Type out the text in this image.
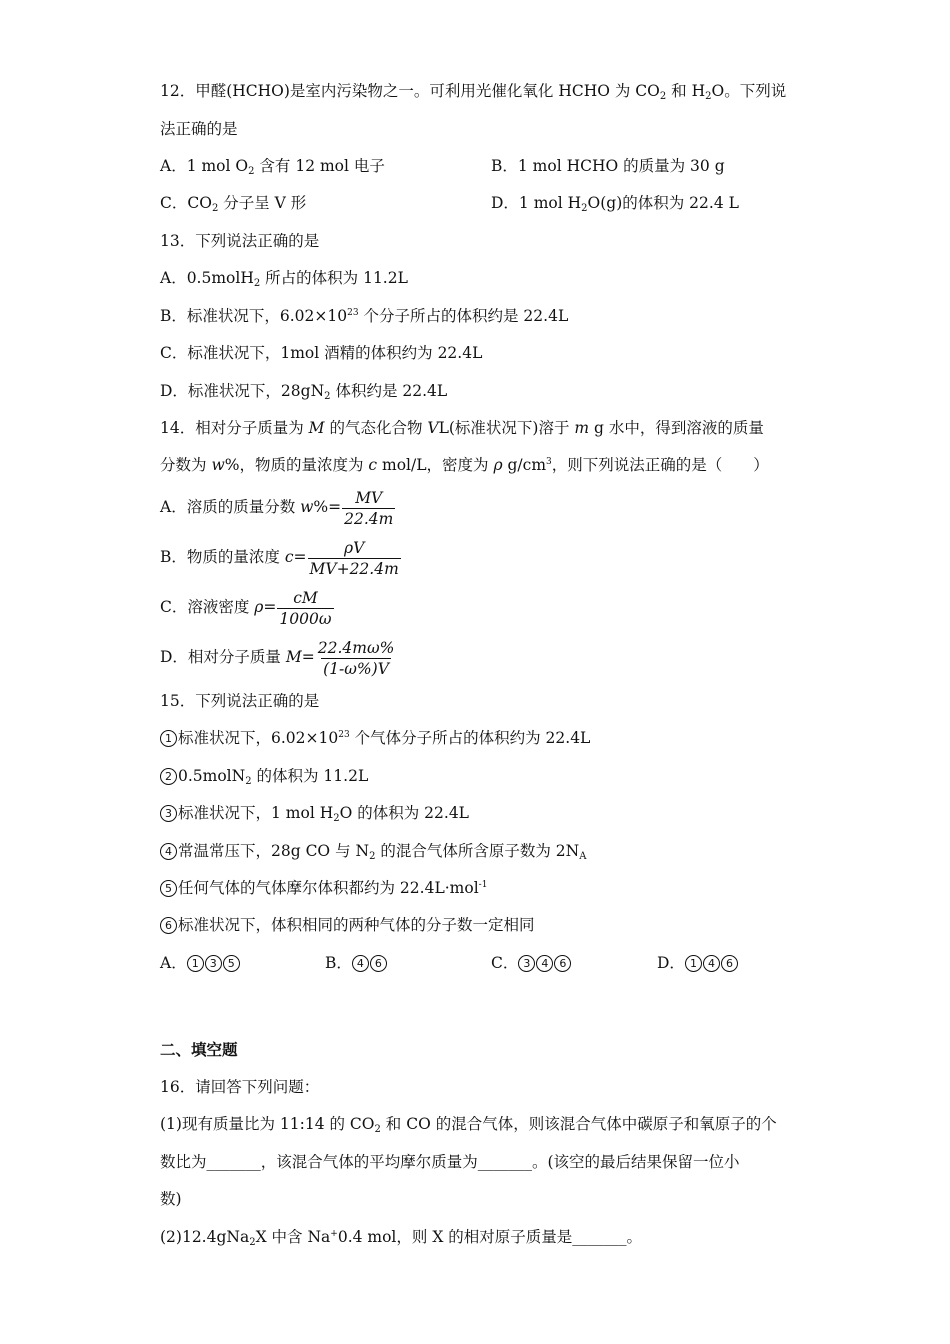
12．甲醛(HCHO)是室内污染物之一。可利用光催化氧化 HCHO 为 $CO_2$ 和 $H_2O$。下列说
法正确的是
A．1 mol $O_2$ 含有 12 mol 电子	B．1 mol HCHO 的质量为 30 g
C．$CO_2$ 分子呈 V 形	D．1 mol $H_2O(g)$的体积为 22.4 L
13．下列说法正确的是
A．0.5molH$_2$ 所占的体积为 11.2L
B．标准状况下，$6.02\times 10^{23}$ 个分子所占的体积约是 22.4L
C．标准状况下，1mol 酒精的体积约为 22.4L
D．标准状况下，$28gN_2$ 体积约是 22.4L
14．相对分子质量为 M 的气态化合物 VL(标准状况下)溶于 m g 水中，得到溶液的质量
分数为 w%，物质的量浓度为 c mol/L，密度为 ρ $g/cm^3$，则下列说法正确的是（　　）
A．溶质的质量分数 $w\%= \frac{MV}{22.4m}$
B．物质的量浓度 $c= \frac{\rho V}{MV+22.4m}$
C．溶液密度 $\rho= \frac{cM}{1000\omega}$
D．相对分子质量 $M= \frac{22.4m\omega\%}{(1-\omega\%)V}$
15．下列说法正确的是
1 标准状况下，$6.02\times 10^{23}$ 个气体分子所占的体积约为 22.4L
2 0.5molN$_2$ 的体积为 11.2L
3 标准状况下，1 mol $H_2O$ 的体积为 22.4L
4 常温常压下，28g CO 与 $N_2$ 的混合气体所含原子数为 $2N_A$
5 任何气体的气体摩尔体积都约为 22.4L·mol$^{-1}$
6 标准状况下，体积相同的两种气体的分子数一定相同
A． 1 3 5	B． 4 6	C． 3 4 6	D． 1 4 6
二、填空题
16．请回答下列问题：
(1)现有质量比为 11:14 的 $CO_2$ 和 CO 的混合气体，则该混合气体中碳原子和氧原子的个
数比为_______，该混合气体的平均摩尔质量为_______。(该空的最后结果保留一位小
数)
(2)12.4gNa$_2$X 中含 Na+0.4 mol，则 X 的相对原子质量是_______。
